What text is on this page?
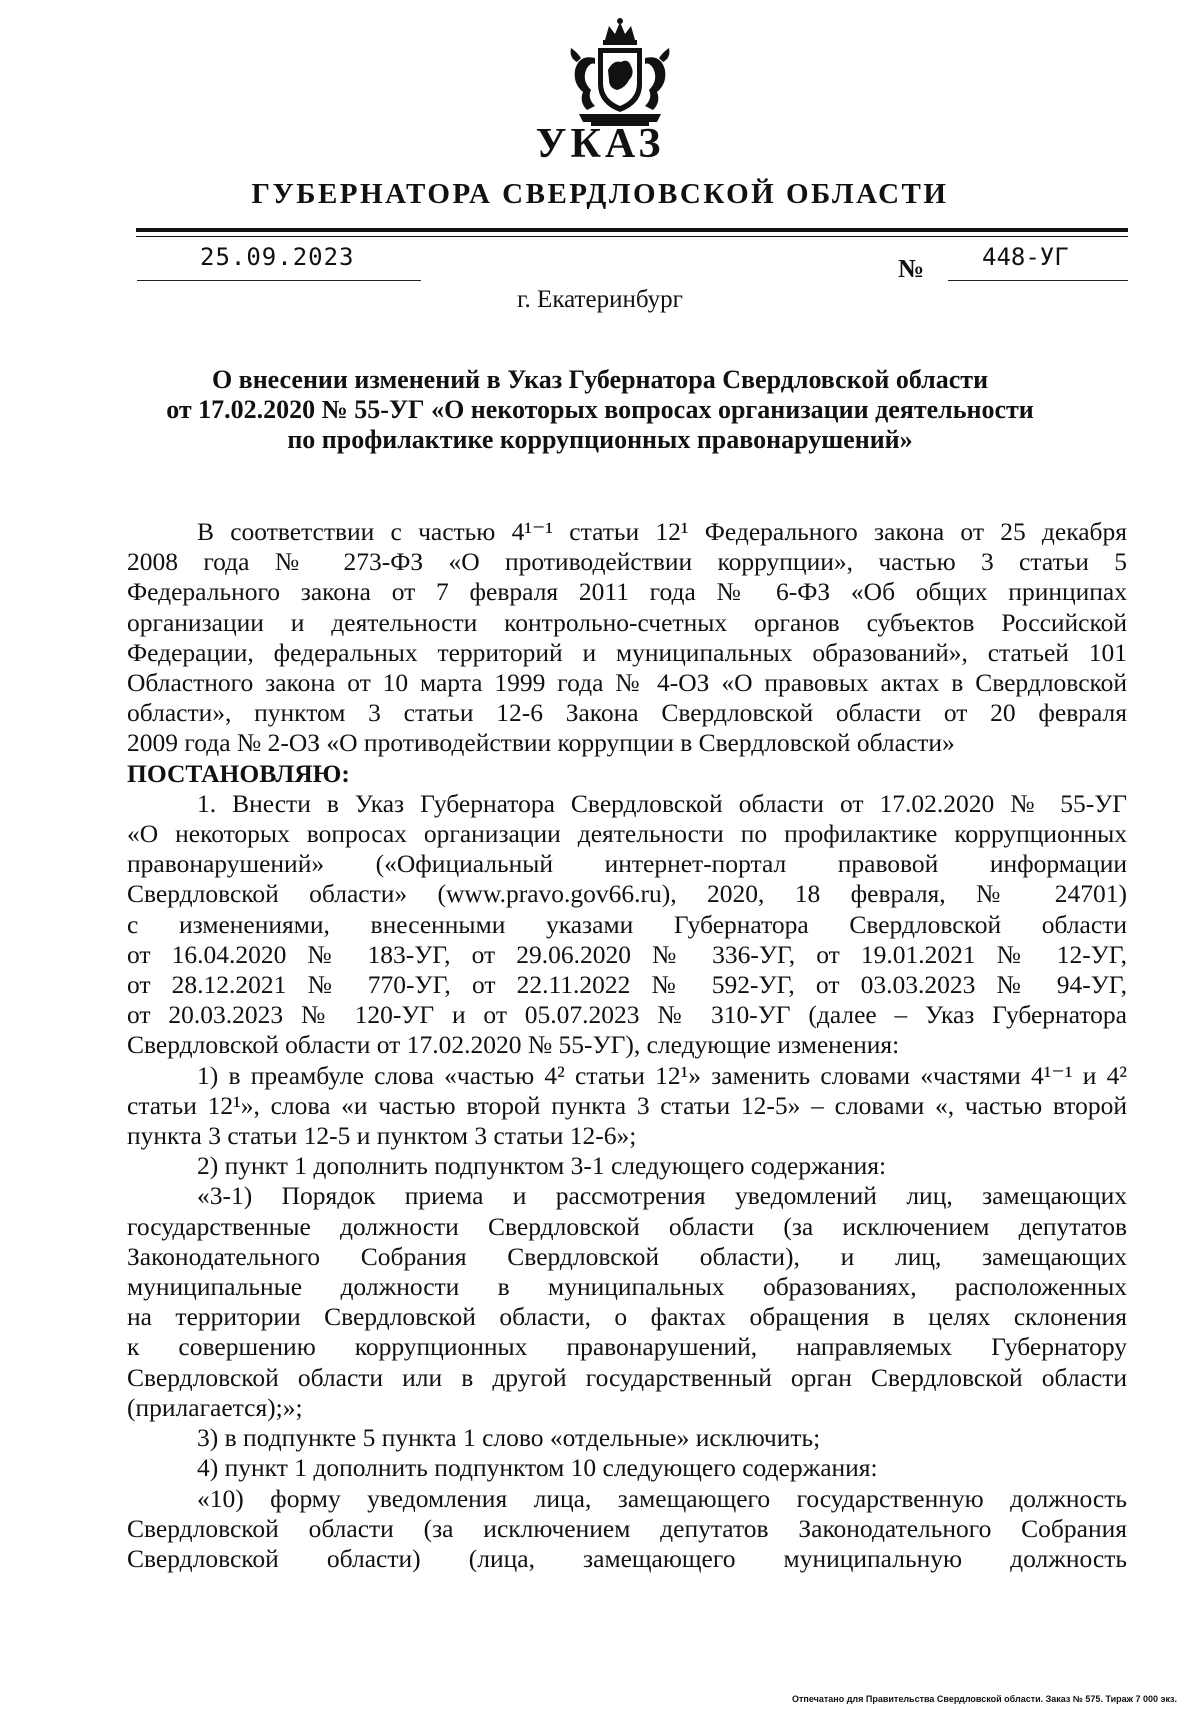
УКАЗ
ГУБЕРНАТОРА СВЕРДЛОВСКОЙ ОБЛАСТИ
25.09.2023	№ 448-УГ
г. Екатеринбург
О внесении изменений в Указ Губернатора Свердловской области
от 17.02.2020 № 55-УГ «О некоторых вопросах организации деятельности
по профилактике коррупционных правонарушений»

В соответствии с частью 4¹⁻¹ статьи 12¹ Федерального закона от 25 декабря

2008 года № 273-ФЗ «О противодействии коррупции», частью 3 статьи 5

Федерального закона от 7 февраля 2011 года № 6-ФЗ «Об общих принципах

организации и деятельности контрольно-счетных органов субъектов Российской

Федерации, федеральных территорий и муниципальных образований», статьей 101

Областного закона от 10 марта 1999 года № 4-ОЗ «О правовых актах в Свердловской

области», пунктом 3 статьи 12-6 Закона Свердловской области от 20 февраля

2009 года № 2-ОЗ «О противодействии коррупции в Свердловской области»

ПОСТАНОВЛЯЮ:

1. Внести в Указ Губернатора Свердловской области от 17.02.2020 № 55-УГ

«О некоторых вопросах организации деятельности по профилактике коррупционных

правонарушений» («Официальный интернет-портал правовой информации

Свердловской области» (www.pravo.gov66.ru), 2020, 18 февраля, № 24701)

с изменениями, внесенными указами Губернатора Свердловской области

от 16.04.2020 № 183-УГ, от 29.06.2020 № 336-УГ, от 19.01.2021 № 12-УГ,

от 28.12.2021 № 770-УГ, от 22.11.2022 № 592-УГ, от 03.03.2023 № 94-УГ,

от 20.03.2023 № 120-УГ и от 05.07.2023 № 310-УГ (далее – Указ Губернатора

Свердловской области от 17.02.2020 № 55-УГ), следующие изменения:

1) в преамбуле слова «частью 4² статьи 12¹» заменить словами «частями 4¹⁻¹ и 4²

статьи 12¹», слова «и частью второй пункта 3 статьи 12-5» – словами «, частью второй

пункта 3 статьи 12-5 и пунктом 3 статьи 12-6»;

2) пункт 1 дополнить подпунктом 3-1 следующего содержания:

«3-1) Порядок приема и рассмотрения уведомлений лиц, замещающих

государственные должности Свердловской области (за исключением депутатов

Законодательного Собрания Свердловской области), и лиц, замещающих

муниципальные должности в муниципальных образованиях, расположенных

на территории Свердловской области, о фактах обращения в целях склонения

к совершению коррупционных правонарушений, направляемых Губернатору

Свердловской области или в другой государственный орган Свердловской области

(прилагается);»;

3) в подпункте 5 пункта 1 слово «отдельные» исключить;

4) пункт 1 дополнить подпунктом 10 следующего содержания:

«10) форму уведомления лица, замещающего государственную должность

Свердловской области (за исключением депутатов Законодательного Собрания

Свердловской области) (лица, замещающего муниципальную должность

Отпечатано для Правительства Свердловской области. Заказ № 575. Тираж 7 000 экз.
